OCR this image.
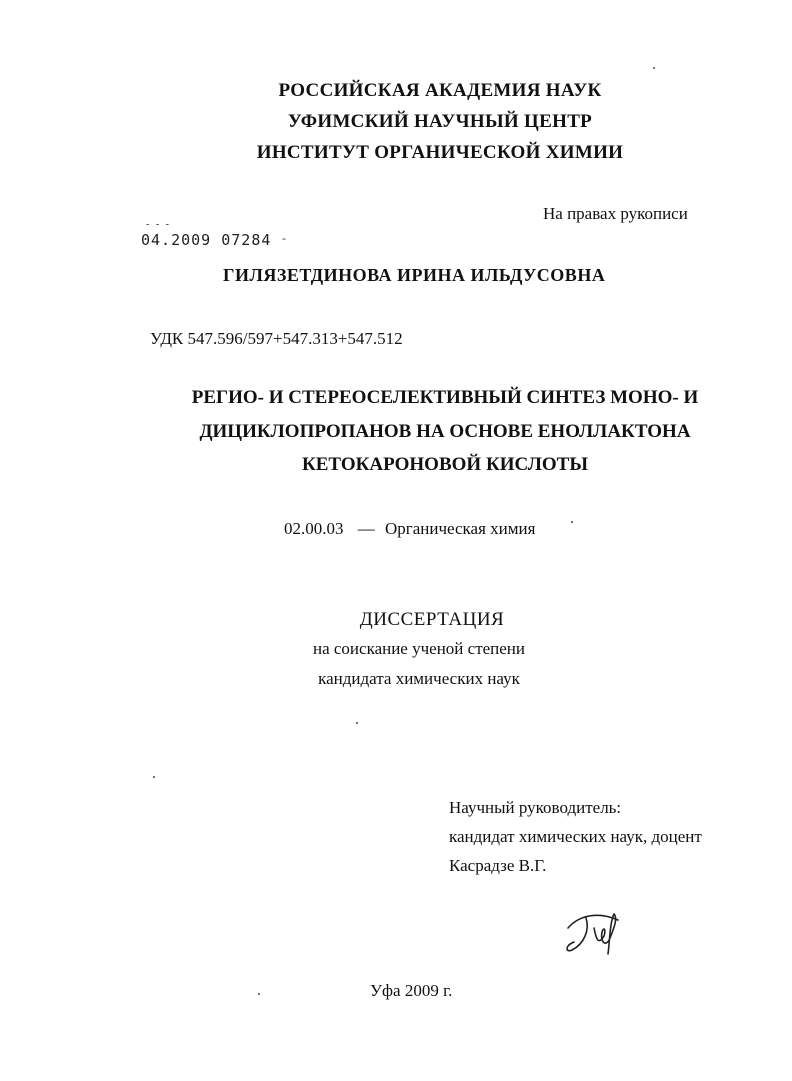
РОССИЙСКАЯ АКАДЕМИЯ НАУК
УФИМСКИЙ НАУЧНЫЙ ЦЕНТР
ИНСТИТУТ ОРГАНИЧЕСКОЙ ХИМИИ
На правах рукописи
- - -
04.2009 07284 -
ГИЛЯЗЕТДИНОВА ИРИНА ИЛЬДУСОВНА
УДК 547.596/597+547.313+547.512
РЕГИО- И СТЕРЕОСЕЛЕКТИВНЫЙ СИНТЕЗ МОНО- И
ДИЦИКЛОПРОПАНОВ НА ОСНОВЕ ЕНОЛЛАКТОНА
КЕТОКАРОНОВОЙ КИСЛОТЫ
02.00.03 — Органическая химия
ДИССЕРТАЦИЯ
на соискание ученой степени
кандидата химических наук
Научный руководитель:
кандидат химических наук, доцент
Касрадзе В.Г.
Уфа 2009 г.
